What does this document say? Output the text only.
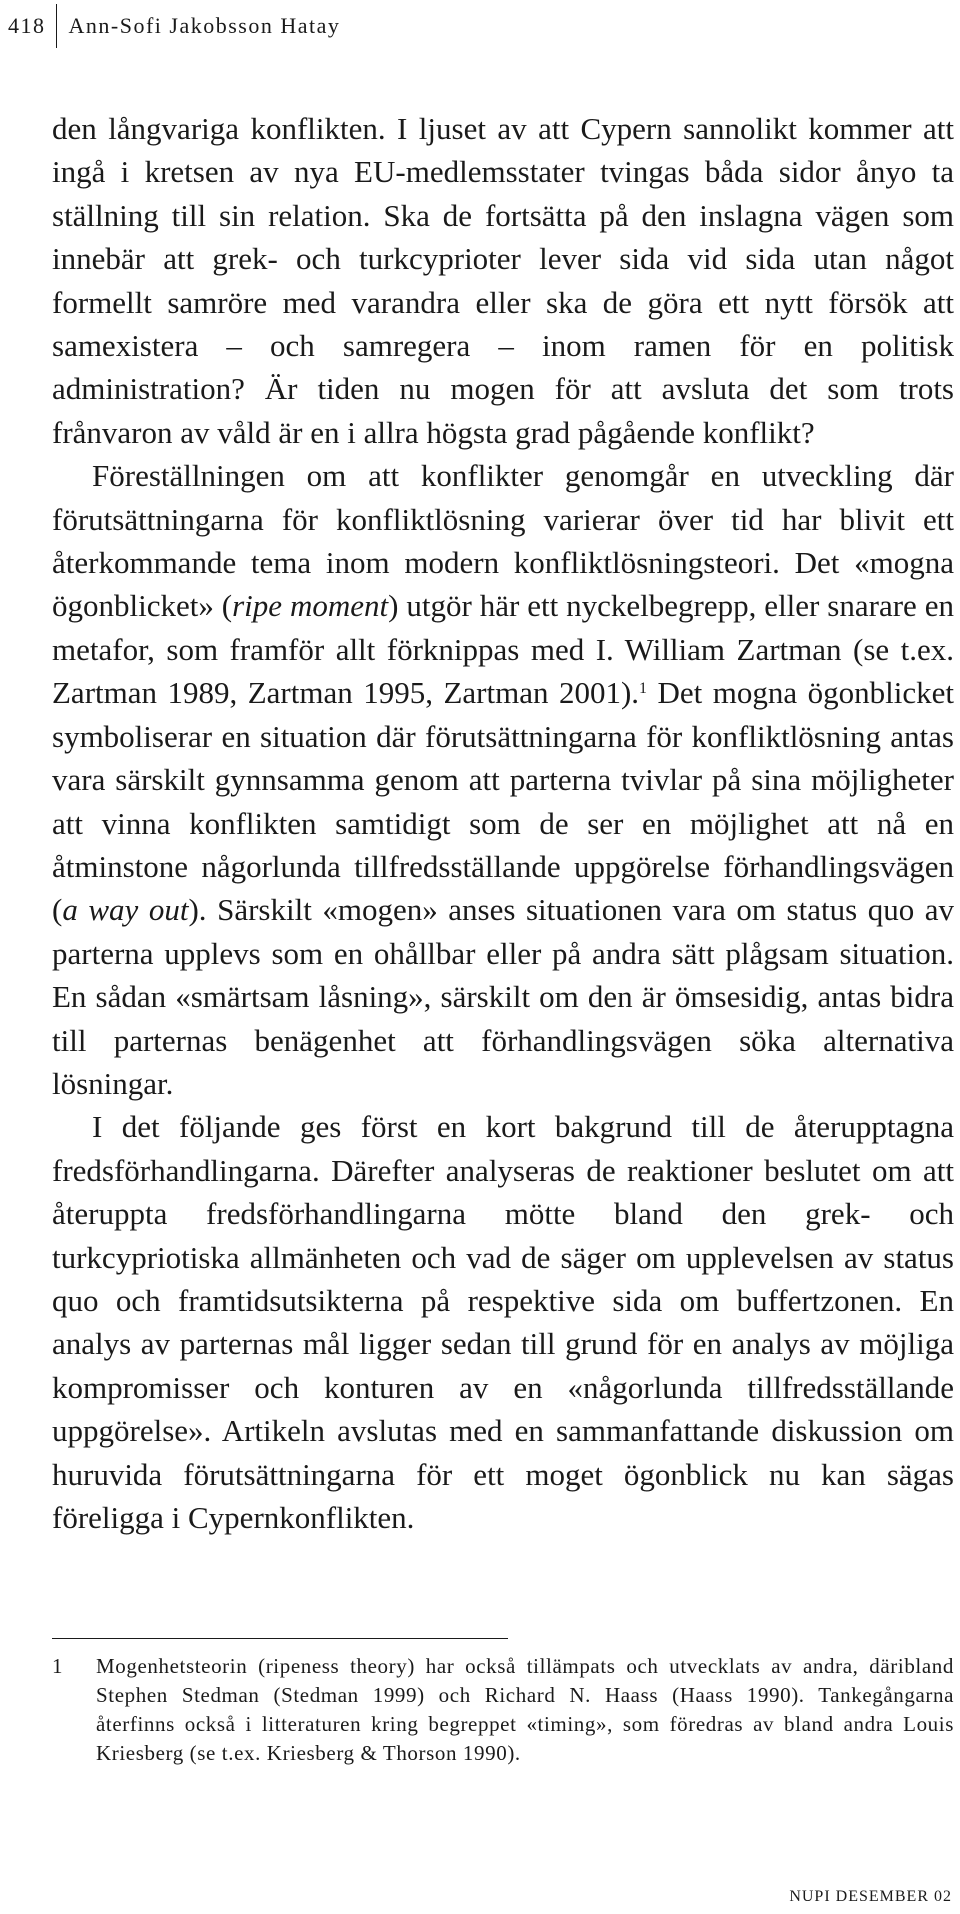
418	Ann-Sofi Jakobsson Hatay

den långvariga konflikten. I ljuset av att Cypern sannolikt kommer att ingå i kretsen av nya EU-medlemsstater tvingas båda sidor ånyo ta ställning till sin relation. Ska de fortsätta på den inslagna vägen som innebär att grek- och turkcyprioter lever sida vid sida utan något formellt samröre med varandra eller ska de göra ett nytt försök att samexistera – och samregera – inom ramen för en politisk administration? Är tiden nu mogen för att avsluta det som trots frånvaron av våld är en i allra högsta grad pågående konflikt?

Föreställningen om att konflikter genomgår en utveckling där förutsättningarna för konfliktlösning varierar över tid har blivit ett återkommande tema inom modern konfliktlösningsteori. Det «mogna ögonblicket» (ripe moment) utgör här ett nyckelbegrepp, eller snarare en metafor, som framför allt förknippas med I. William Zartman (se t.ex. Zartman 1989, Zartman 1995, Zartman 2001).$^1$ Det mogna ögonblicket symboliserar en situation där förutsättningarna för konfliktlösning antas vara särskilt gynnsamma genom att parterna tvivlar på sina möjligheter att vinna konflikten samtidigt som de ser en möjlighet att nå en åtminstone någorlunda tillfredsställande uppgörelse förhandlingsvägen (a way out). Särskilt «mogen» anses situationen vara om status quo av parterna upplevs som en ohållbar eller på andra sätt plågsam situation. En sådan «smärtsam låsning», särskilt om den är ömsesidig, antas bidra till parternas benägenhet att förhandlingsvägen söka alternativa lösningar.

I det följande ges först en kort bakgrund till de återupptagna fredsförhandlingarna. Därefter analyseras de reaktioner beslutet om att återuppta fredsförhandlingarna mötte bland den grek- och turkcypriotiska allmänheten och vad de säger om upplevelsen av status quo och framtidsutsikterna på respektive sida om buffertzonen. En analys av parternas mål ligger sedan till grund för en analys av möjliga kompromisser och konturen av en «någorlunda tillfredsställande uppgörelse». Artikeln avslutas med en sammanfattande diskussion om huruvida förutsättningarna för ett moget ögonblick nu kan sägas föreligga i Cypernkonflikten.

1	Mogenhetsteorin (ripeness theory) har också tillämpats och utvecklats av andra, däribland Stephen Stedman (Stedman 1999) och Richard N. Haass (Haass 1990). Tankegångarna återfinns också i litteraturen kring begreppet «timing», som föredras av bland andra Louis Kriesberg (se t.ex. Kriesberg & Thorson 1990).
NUPI DESEMBER 02
